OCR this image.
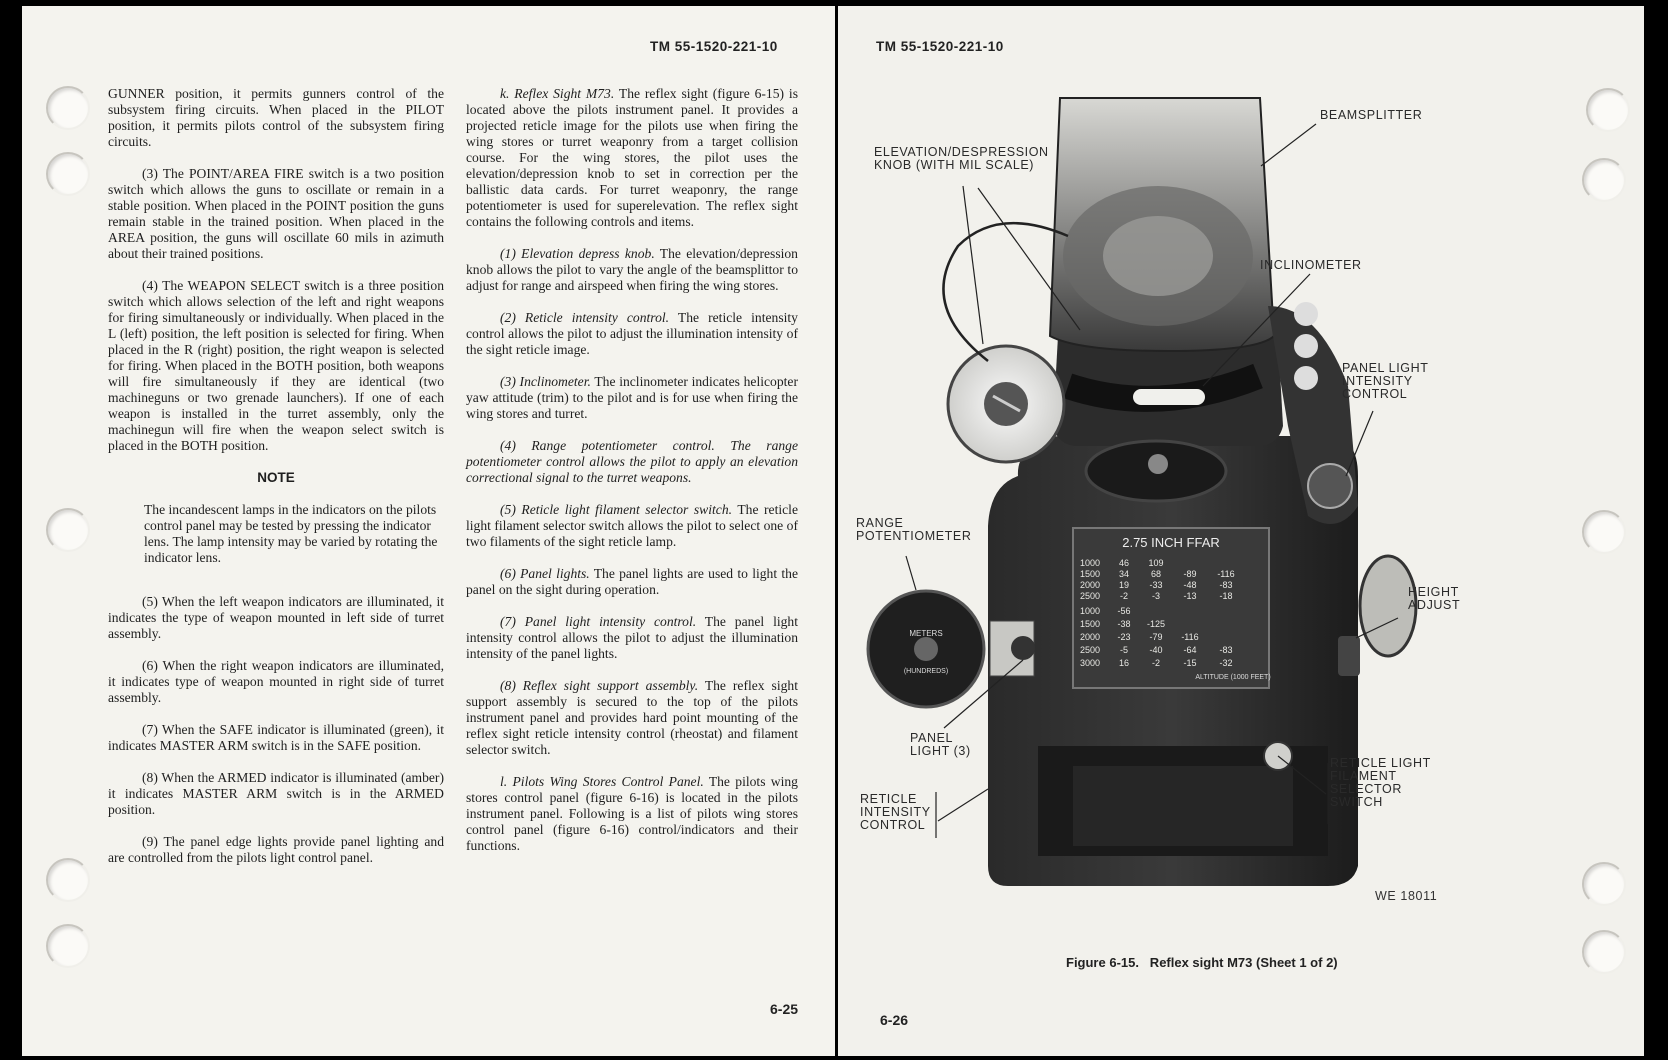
TM 55-1520-221-10

GUNNER position, it permits gunners control of the subsystem firing circuits. When placed in the PILOT position, it permits pilots control of the subsystem firing circuits.

(3) The POINT/AREA FIRE switch is a two position switch which allows the guns to oscillate or remain in a stable position. When placed in the POINT position the guns remain stable in the trained position. When placed in the AREA position, the guns will oscillate 60 mils in azimuth about their trained positions.

(4) The WEAPON SELECT switch is a three position switch which allows selection of the left and right weapons for firing simultaneously or individually. When placed in the L (left) position, the left position is selected for firing. When placed in the R (right) position, the right weapon is selected for firing. When placed in the BOTH position, both weapons will fire simultaneously if they are identical (two machineguns or two grenade launchers). If one of each weapon is installed in the turret assembly, only the machinegun will fire when the weapon select switch is placed in the BOTH position.

NOTE
The incandescent lamps in the indicators on the pilots control panel may be tested by pressing the indicator lens. The lamp intensity may be varied by rotating the indicator lens.

(5) When the left weapon indicators are illuminated, it indicates the type of weapon mounted in left side of turret assembly.

(6) When the right weapon indicators are illuminated, it indicates type of weapon mounted in right side of turret assembly.

(7) When the SAFE indicator is illuminated (green), it indicates MASTER ARM switch is in the SAFE position.

(8) When the ARMED indicator is illuminated (amber) it indicates MASTER ARM switch is in the ARMED position.

(9) The panel edge lights provide panel lighting and are controlled from the pilots light control panel.

k. Reflex Sight M73. The reflex sight (figure 6-15) is located above the pilots instrument panel. It provides a projected reticle image for the pilots use when firing the wing stores or turret weaponry from a target collision course. For the wing stores, the pilot uses the elevation/depression knob to set in correction per the ballistic data cards. For turret weaponry, the range potentiometer is used for superelevation. The reflex sight contains the following controls and items.

(1) Elevation depress knob. The elevation/depression knob allows the pilot to vary the angle of the beamsplittor to adjust for range and airspeed when firing the wing stores.

(2) Reticle intensity control. The reticle intensity control allows the pilot to adjust the illumination intensity of the sight reticle image.

(3) Inclinometer. The inclinometer indicates helicopter yaw attitude (trim) to the pilot and is for use when firing the wing stores and turret.

(4) Range potentiometer control. The range potentiometer control allows the pilot to apply an elevation correctional signal to the turret weapons.

(5) Reticle light filament selector switch. The reticle light filament selector switch allows the pilot to select one of two filaments of the sight reticle lamp.

(6) Panel lights. The panel lights are used to light the panel on the sight during operation.

(7) Panel light intensity control. The panel light intensity control allows the pilot to adjust the illumination intensity of the panel lights.

(8) Reflex sight support assembly. The reflex sight support assembly is secured to the top of the pilots instrument panel and provides hard point mounting of the reflex sight reticle intensity control (rheostat) and filament selector switch.

l. Pilots Wing Stores Control Panel. The pilots wing stores control panel (figure 6-16) is located in the pilots instrument panel. Following is a list of pilots wing stores control panel (figure 6-16) control/indicators and their functions.

6-25
TM 55-1520-221-10
2.75 INCH FFAR
1000 46 109
1500 34 68 -89 -116
2000 19 -33 -48	-83
2500 -2	-3	-13	-18
1000 -56
1500 -38 -125
2000 -23 -79 -116
2500 -5 -40 -64	-83
3000 16	-2	-15	-32
ALTITUDE (1000 FEET)
METERS
(HUNDREDS)
BEAMSPLITTER
ELEVATION/DESPRESSION
KNOB (WITH MIL SCALE)
INCLINOMETER
PANEL LIGHT
INTENSITY
CONTROL
RANGE
POTENTIOMETER
HEIGHT
ADJUST
PANEL
LIGHT (3)
RETICLE
INTENSITY
CONTROL
RETICLE LIGHT
FILAMENT
SELECTOR
SWITCH
WE 18011
Figure 6-15.   Reflex sight M73 (Sheet 1 of 2)
6-26
